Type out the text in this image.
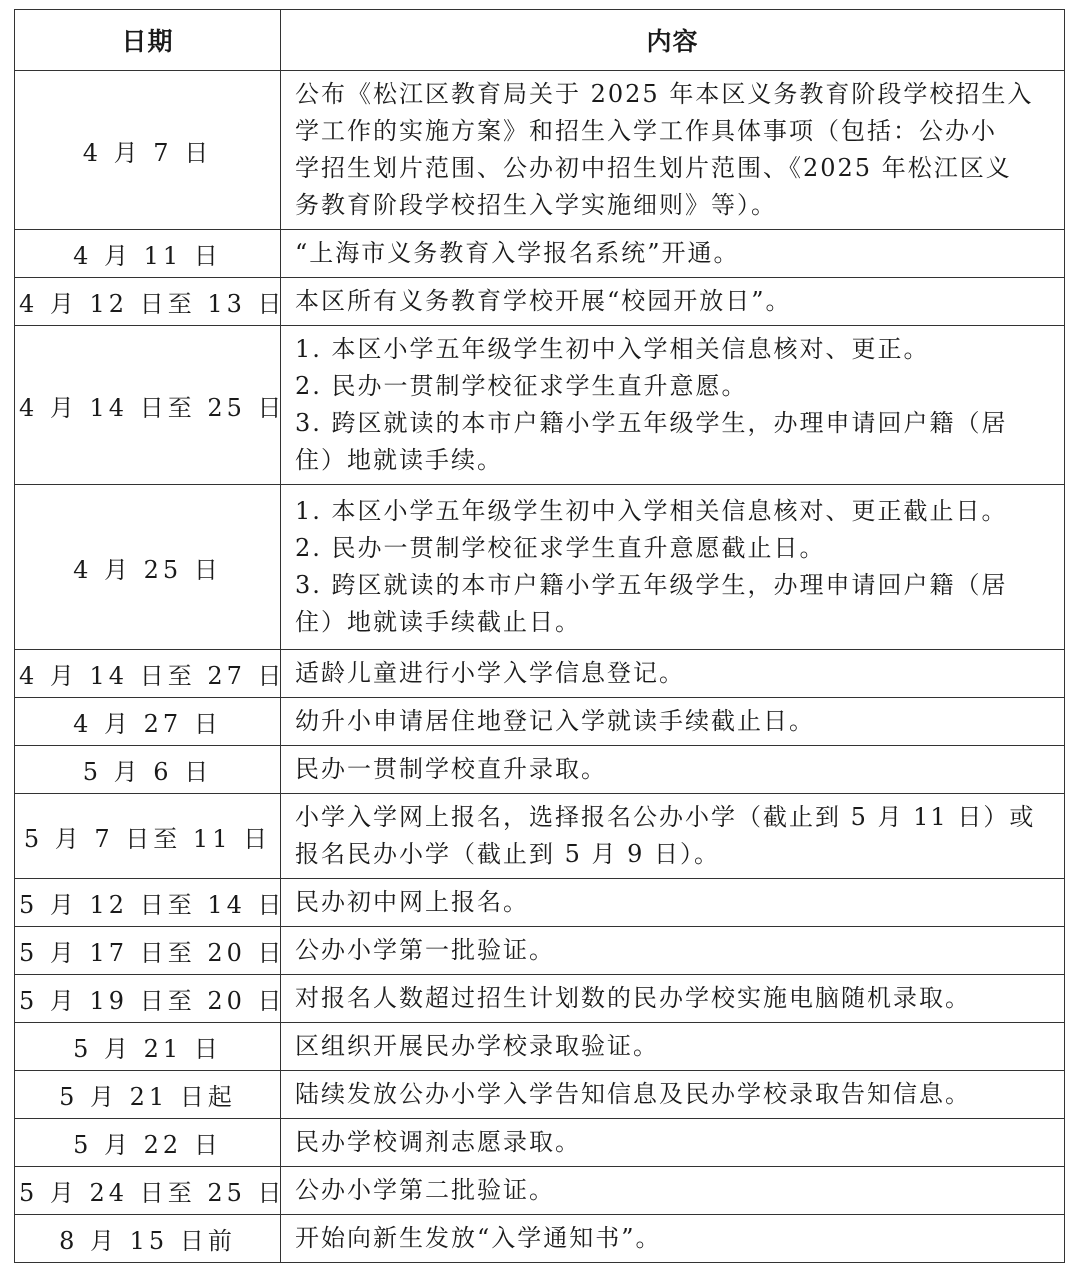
日期	内容
4 月 7 日	公布《松江区教育局关于 2025 年本区义务教育阶段学校招生入
学工作的实施方案》和招生入学工作具体事项（包括：公办小
学招生划片范围、公办初中招生划片范围、《2025 年松江区义
务教育阶段学校招生入学实施细则》等）。

4 月 11 日	“上海市义务教育入学报名系统”开通。

4 月 12 日至 13 日	本区所有义务教育学校开展“校园开放日”。

4 月 14 日至 25 日	1. 本区小学五年级学生初中入学相关信息核对、更正。
2. 民办一贯制学校征求学生直升意愿。
3. 跨区就读的本市户籍小学五年级学生，办理申请回户籍（居
住）地就读手续。

4 月 25 日	1. 本区小学五年级学生初中入学相关信息核对、更正截止日。
2. 民办一贯制学校征求学生直升意愿截止日。
3. 跨区就读的本市户籍小学五年级学生，办理申请回户籍（居
住）地就读手续截止日。

4 月 14 日至 27 日	适龄儿童进行小学入学信息登记。

4 月 27 日	幼升小申请居住地登记入学就读手续截止日。

5 月 6 日	民办一贯制学校直升录取。

5 月 7 日至 11 日	小学入学网上报名，选择报名公办小学（截止到 5 月 11 日）或
报名民办小学（截止到 5 月 9 日）。

5 月 12 日至 14 日	民办初中网上报名。

5 月 17 日至 20 日	公办小学第一批验证。

5 月 19 日至 20 日	对报名人数超过招生计划数的民办学校实施电脑随机录取。

5 月 21 日	区组织开展民办学校录取验证。

5 月 21 日起	陆续发放公办小学入学告知信息及民办学校录取告知信息。

5 月 22 日	民办学校调剂志愿录取。

5 月 24 日至 25 日	公办小学第二批验证。

8 月 15 日前	开始向新生发放“入学通知书”。
